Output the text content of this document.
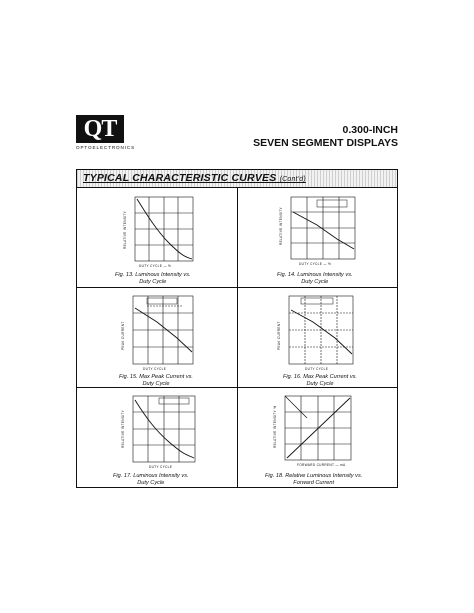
QT
OPTOELECTRONICS
0.300-INCH
SEVEN SEGMENT DISPLAYS
TYPICAL CHARACTERISTIC CURVES (Cont'd)
RELATIVE INTENSITY
DUTY CYCLE — %
Fig. 13. Luminous Intensity vs.
Duty Cycle
RELATIVE INTENSITY
DUTY CYCLE — %
Fig. 14. Luminous Intensity vs.
Duty Cycle
PEAK CURRENT
DUTY CYCLE
Fig. 15. Max Peak Current vs.
Duty Cycle
PEAK CURRENT
DUTY CYCLE
Fig. 16. Max Peak Current vs.
Duty Cycle
RELATIVE INTENSITY
DUTY CYCLE
Fig. 17. Luminous Intensity vs.
Duty Cycle
RELATIVE INTENSITY %
FORWARD CURRENT — mA
Fig. 18. Relative Luminous Intensity vs.
Forward Current
